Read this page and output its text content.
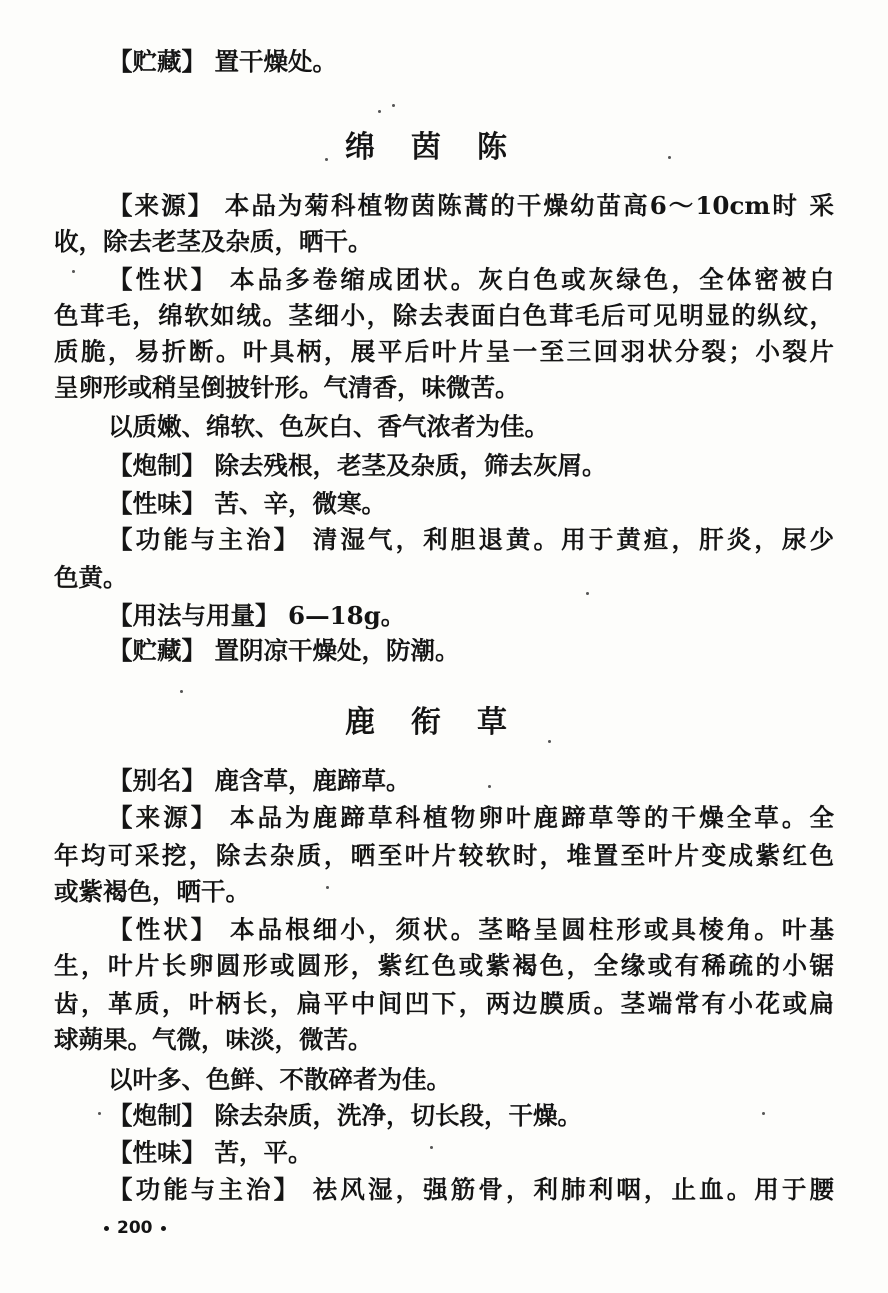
【贮藏】 置干燥处。
绵茵陈
【来源】 本品为菊科植物茵陈蒿的干燥幼苗高6～10cm时 采
收，除去老茎及杂质，晒干。
【性状】 本品多卷缩成团状。灰白色或灰绿色，全体密被白
色茸毛，绵软如绒。茎细小，除去表面白色茸毛后可见明显的纵纹，
质脆，易折断。叶具柄，展平后叶片呈一至三回羽状分裂；小裂片
呈卵形或稍呈倒披针形。气清香，味微苦。
以质嫩、绵软、色灰白、香气浓者为佳。
【炮制】 除去残根，老茎及杂质，筛去灰屑。
【性味】 苦、辛，微寒。
【功能与主治】 清湿气，利胆退黄。用于黄疸，肝炎，尿少
色黄。
【用法与用量】 6—18g。
【贮藏】 置阴凉干燥处，防潮。
鹿衔草
【别名】 鹿含草，鹿蹄草。
【来源】 本品为鹿蹄草科植物卵叶鹿蹄草等的干燥全草。全
年均可采挖，除去杂质，晒至叶片较软时，堆置至叶片变成紫红色
或紫褐色，晒干。
【性状】 本品根细小，须状。茎略呈圆柱形或具棱角。叶基
生，叶片长卵圆形或圆形，紫红色或紫褐色，全缘或有稀疏的小锯
齿，革质，叶柄长，扁平中间凹下，两边膜质。茎端常有小花或扁
球蒴果。气微，味淡，微苦。
以叶多、色鲜、不散碎者为佳。
【炮制】 除去杂质，洗净，切长段，干燥。
【性味】 苦，平。
【功能与主治】 祛风湿，强筋骨，利肺利咽，止血。用于腰
200
